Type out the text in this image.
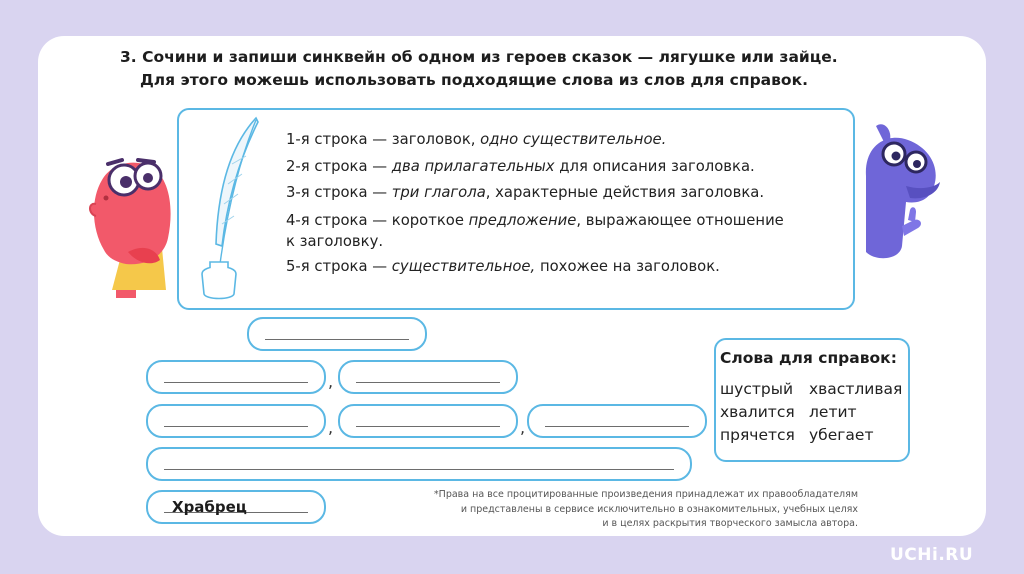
3. Сочини и запиши синквейн об одном из героев сказок — лягушке или зайце.
Для этого можешь использовать подходящие слова из слов для справок.
1-я строка — заголовок, одно существительное.
2-я строка — два прилагательных для описания заголовка.
3-я строка — три глагола, характерные действия заголовка.
4-я строка — короткое предложение, выражающее отношение
к заголовку.
5-я строка — существительное, похожее на заголовок.
,
,	,
Храбрец
Слова для справок:
шустрый хвастливая
хвалится летит
прячется убегает
*Права на все процитированные произведения принадлежат их правообладателям
и представлены в сервисе исключительно в ознакомительных, учебных целях
и в целях раскрытия творческого замысла автора.
UCHi.RU
